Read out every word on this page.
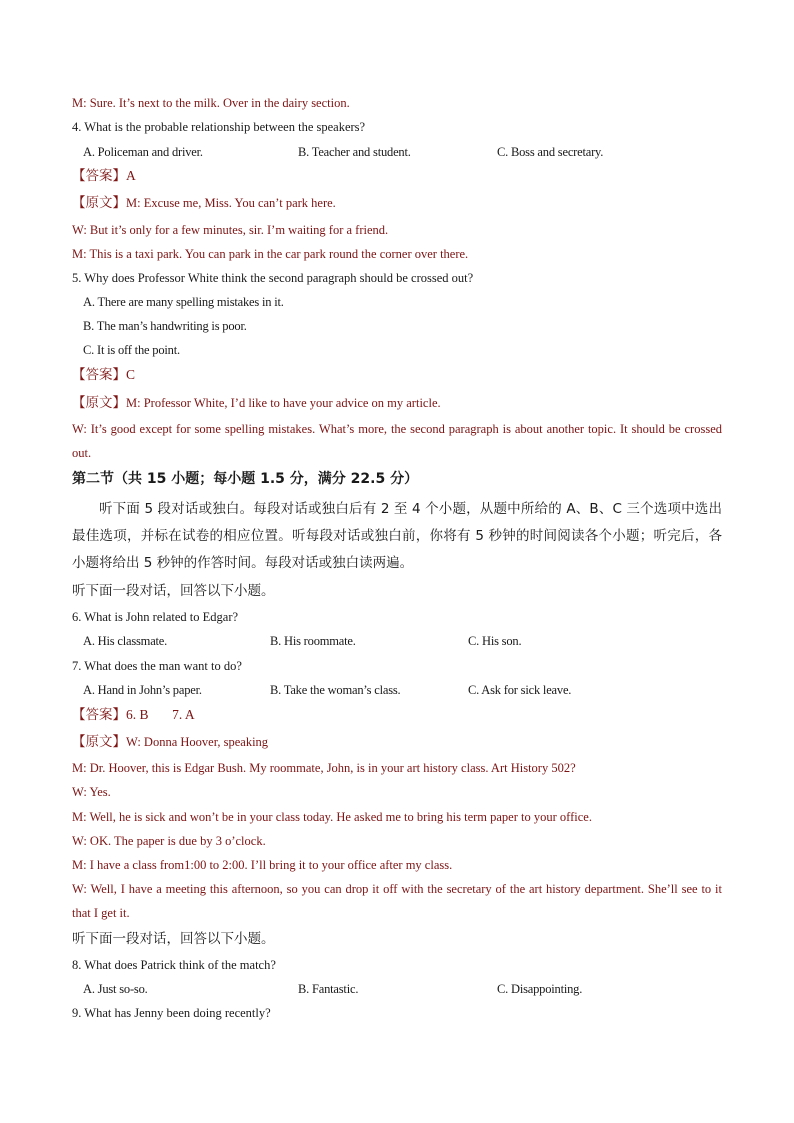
M: Sure. It’s next to the milk. Over in the dairy section.
4. What is the probable relationship between the speakers?
A. Policeman and driver.	B. Teacher and student.	C. Boss and secretary.
【答案】A
【原文】M: Excuse me, Miss. You can’t park here.
W: But it’s only for a few minutes, sir. I’m waiting for a friend.
M: This is a taxi park. You can park in the car park round the corner over there.
5. Why does Professor White think the second paragraph should be crossed out?
A. There are many spelling mistakes in it.
B. The man’s handwriting is poor.
C. It is off the point.
【答案】C
【原文】M: Professor White, I’d like to have your advice on my article.
W: It’s good except for some spelling mistakes. What’s more, the second paragraph is about another topic. It should be crossed out.
第二节（共 15 小题；每小题 1.5 分，满分 22.5 分）
听下面 5 段对话或独白。每段对话或独白后有 2 至 4 个小题，从题中所给的 A、B、C 三个选项中选出最佳选项，并标在试卷的相应位置。听每段对话或独白前，你将有 5 秒钟的时间阅读各个小题；听完后，各小题将给出 5 秒钟的作答时间。每段对话或独白读两遍。
听下面一段对话，回答以下小题。
6. What is John related to Edgar?
A. His classmate.	B. His roommate.	C. His son.
7. What does the man want to do?
A. Hand in John’s paper.	B. Take the woman’s class.	C. Ask for sick leave.
【答案】6. B       7. A
【原文】W: Donna Hoover, speaking
M: Dr. Hoover, this is Edgar Bush. My roommate, John, is in your art history class. Art History 502?
W: Yes.
M: Well, he is sick and won’t be in your class today. He asked me to bring his term paper to your office.
W: OK. The paper is due by 3 o’clock.
M: I have a class from1:00 to 2:00. I’ll bring it to your office after my class.
W: Well, I have a meeting this afternoon, so you can drop it off with the secretary of the art history department. She’ll see to it that I get it.
听下面一段对话，回答以下小题。
8. What does Patrick think of the match?
A. Just so-so.	B. Fantastic.	C. Disappointing.
9. What has Jenny been doing recently?
